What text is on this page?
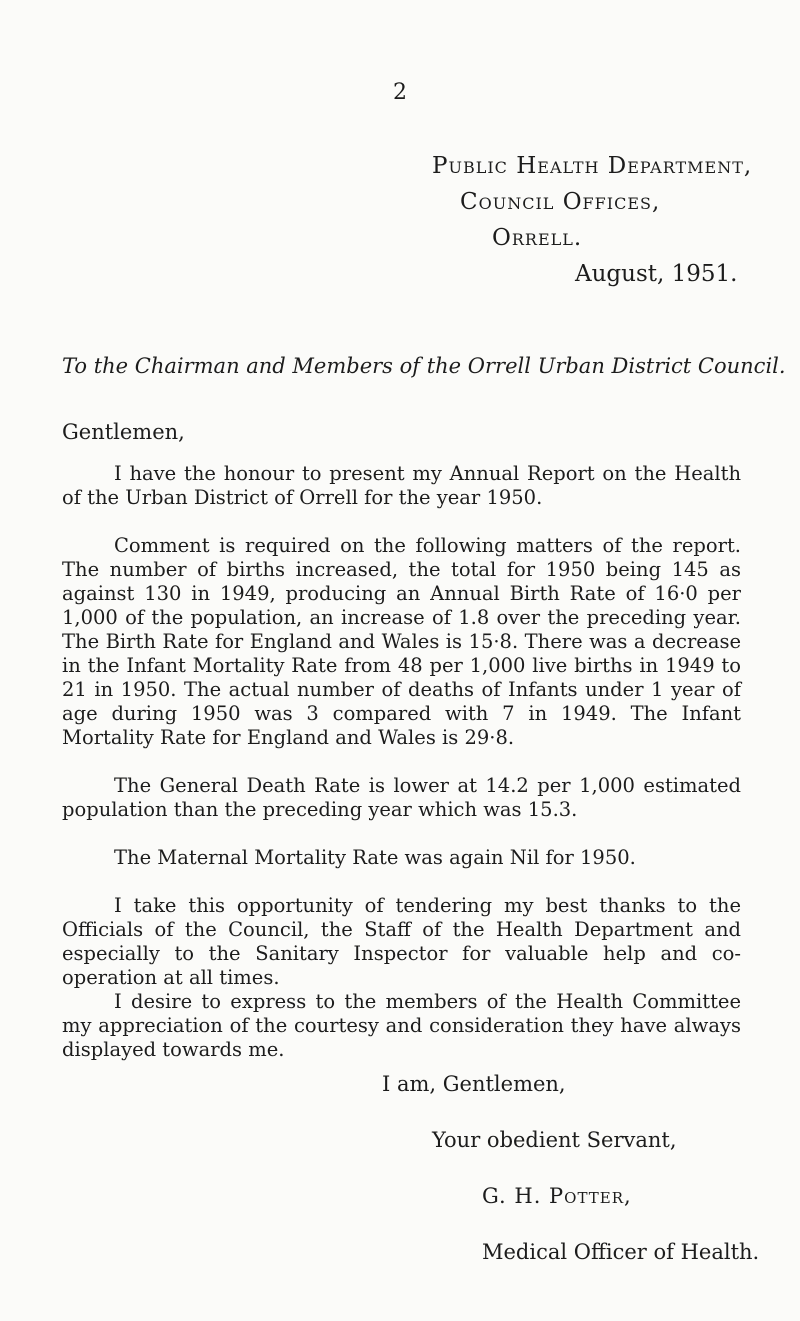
2
Public Health Department,
Council Offices,
Orrell.
August, 1951.
To the Chairman and Members of the Orrell Urban District Council.
Gentlemen,

I have the honour to present my Annual Report on the Health of the Urban District of Orrell for the year 1950.

Comment is required on the following matters of the report. The number of births increased, the total for 1950 being 145 as against 130 in 1949, producing an Annual Birth Rate of 16·0 per 1,000 of the population, an increase of 1.8 over the preceding year. The Birth Rate for England and Wales is 15·8. There was a decrease in the Infant Mortality Rate from 48 per 1,000 live births in 1949 to 21 in 1950. The actual number of deaths of Infants under 1 year of age during 1950 was 3 compared with 7 in 1949. The Infant Mortality Rate for England and Wales is 29·8.

The General Death Rate is lower at 14.2 per 1,000 estimated population than the preceding year which was 15.3.

The Maternal Mortality Rate was again Nil for 1950.

I take this opportunity of tendering my best thanks to the Officials of the Council, the Staff of the Health Department and especially to the Sanitary Inspector for valuable help and co-operation at all times.

I desire to express to the members of the Health Committee my appreciation of the courtesy and consideration they have always displayed towards me.

I am, Gentlemen,
Your obedient Servant,
G. H. Potter,
Medical Officer of Health.
